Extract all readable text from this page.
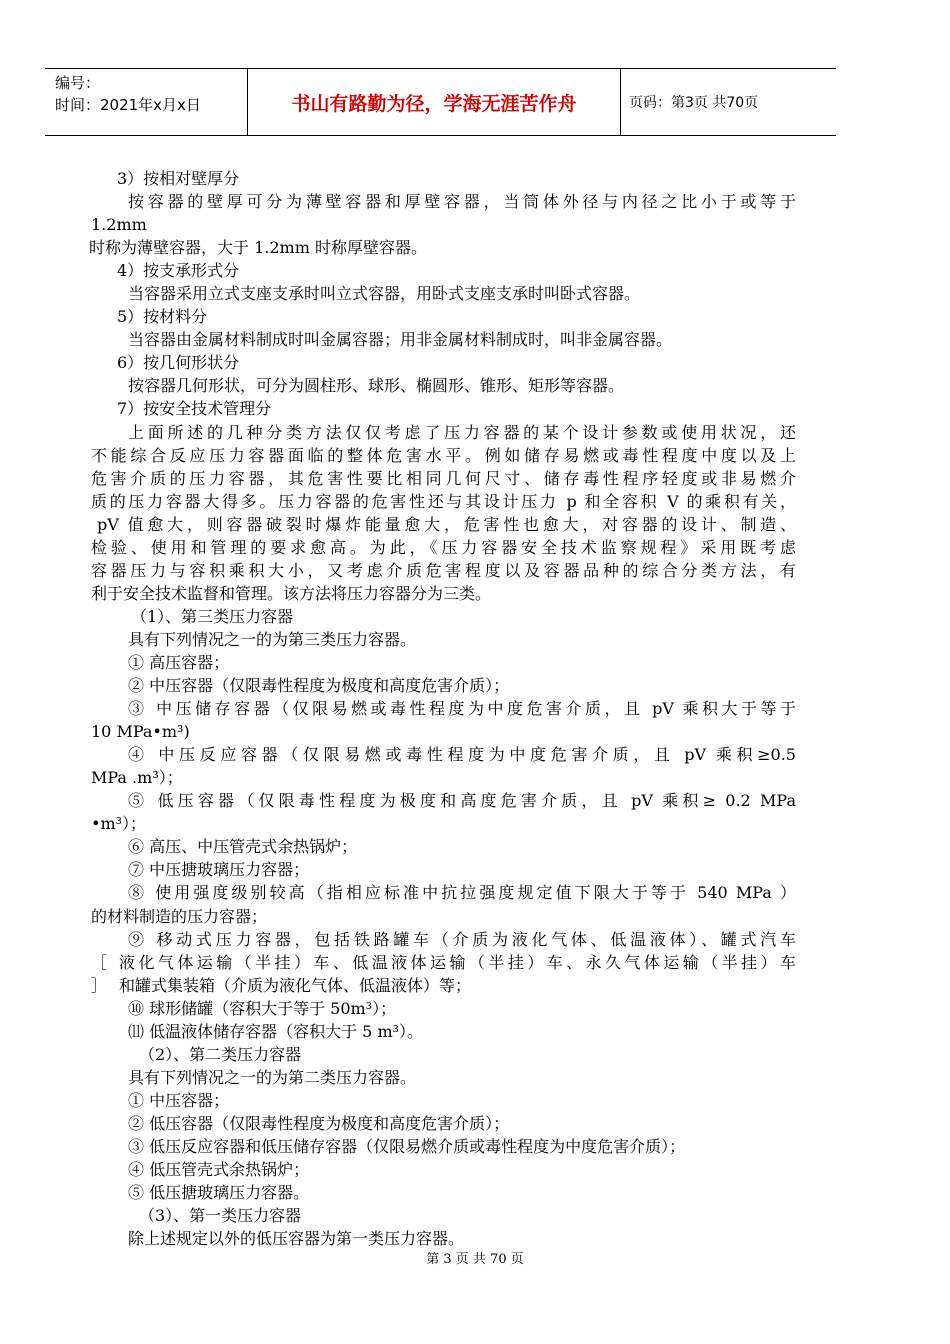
编号：
时间：2021年x月x日	书山有路勤为径，学海无涯苦作舟	页码：第3页 共70页
3）按相对壁厚分
按容器的壁厚可分为薄壁容器和厚壁容器，当筒体外径与内径之比小于或等于
1.2mm
时称为薄壁容器，大于 1.2mm 时称厚壁容器。
4）按支承形式分
当容器采用立式支座支承时叫立式容器，用卧式支座支承时叫卧式容器。
5）按材料分
当容器由金属材料制成时叫金属容器；用非金属材料制成时，叫非金属容器。
6）按几何形状分
按容器几何形状，可分为圆柱形、球形、椭圆形、锥形、矩形等容器。
7）按安全技术管理分
上面所述的几种分类方法仅仅考虑了压力容器的某个设计参数或使用状况，还
不能综合反应压力容器面临的整体危害水平。例如储存易燃或毒性程度中度以及上
危害介质的压力容器，其危害性要比相同几何尺寸、储存毒性程序轻度或非易燃介
质的压力容器大得多。压力容器的危害性还与其设计压力 p 和全容积 V 的乘积有关，
pV 值愈大，则容器破裂时爆炸能量愈大，危害性也愈大，对容器的设计、制造、
检验、使用和管理的要求愈高。为此，《压力容器安全技术监察规程》采用既考虑
容器压力与容积乘积大小，又考虑介质危害程度以及容器品种的综合分类方法，有
利于安全技术监督和管理。该方法将压力容器分为三类。
（1）、第三类压力容器
具有下列情况之一的为第三类压力容器。
① 高压容器；
② 中压容器（仅限毒性程度为极度和高度危害介质）；
③ 中压储存容器（仅限易燃或毒性程度为中度危害介质，且 pV 乘积大于等于
10 MPa•m³)
④ 中压反应容器（仅限易燃或毒性程度为中度危害介质，且 pV 乘积≥0.5
MPa .m³）；
⑤ 低压容器（仅限毒性程度为极度和高度危害介质，且 pV 乘积≥ 0.2 MPa
•m³）；
⑥ 高压、中压管壳式余热锅炉；
⑦ 中压搪玻璃压力容器；
⑧ 使用强度级别较高（指相应标准中抗拉强度规定值下限大于等于 540 MPa ）
的材料制造的压力容器；
⑨ 移动式压力容器，包括铁路罐车（介质为液化气体、低温液体）、罐式汽车
［ 液化气体运输（半挂）车、低温液体运输（半挂）车、永久气体运输（半挂）车
］ 和罐式集装箱（介质为液化气体、低温液体）等；
⑩ 球形储罐（容积大于等于 50m³）；
⑾ 低温液体储存容器（容积大于 5 m³）。
（2）、第二类压力容器
具有下列情况之一的为第二类压力容器。
① 中压容器；
② 低压容器（仅限毒性程度为极度和高度危害介质）；
③ 低压反应容器和低压储存容器（仅限易燃介质或毒性程度为中度危害介质）；
④ 低压管壳式余热锅炉；
⑤ 低压搪玻璃压力容器。
（3）、第一类压力容器
除上述规定以外的低压容器为第一类压力容器。
第 3 页 共 70 页
